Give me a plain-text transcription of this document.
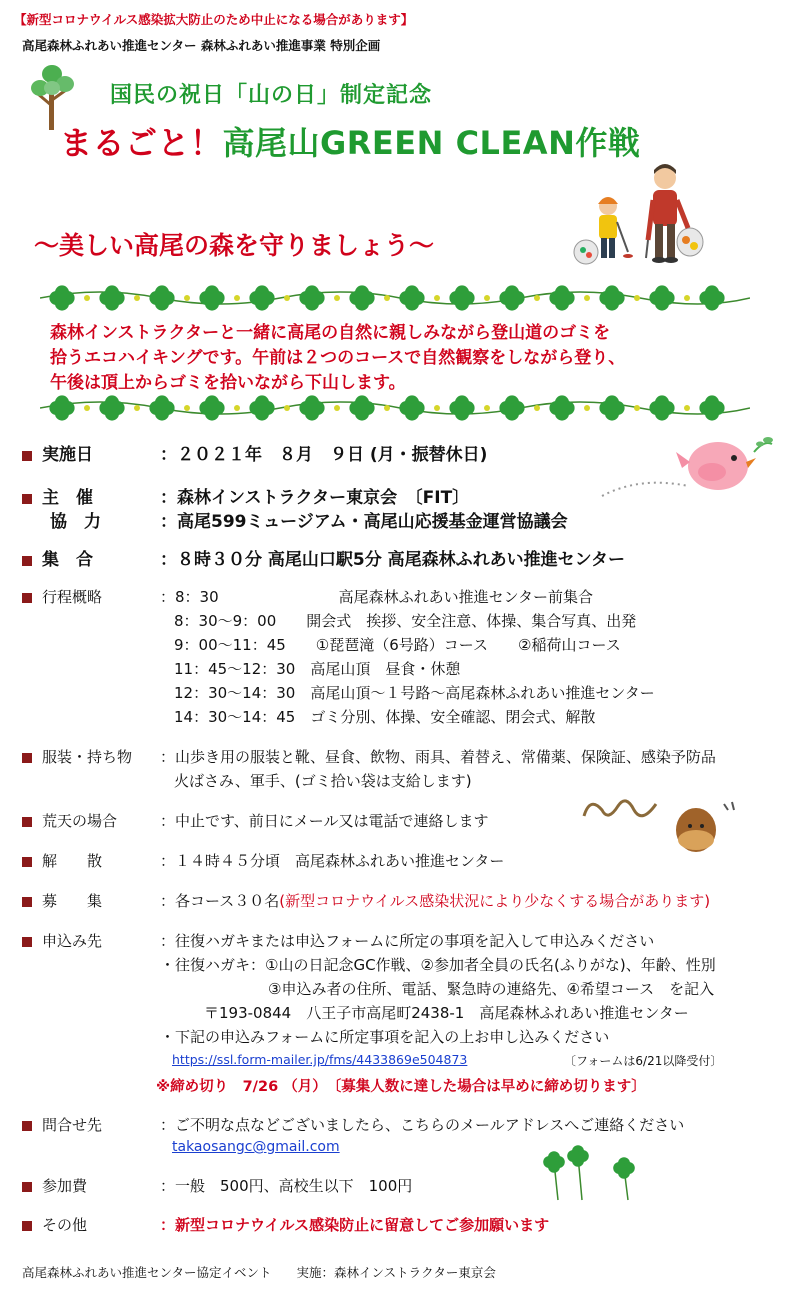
【新型コロナウイルス感染拡大防止のため中止になる場合があります】
高尾森林ふれあい推進センター 森林ふれあい推進事業 特別企画
国民の祝日「山の日」制定記念
まるごと！高尾山GREEN CLEAN作戦
～美しい高尾の森を守りましょう～
森林インストラクターと一緒に高尾の自然に親しみながら登山道のゴミを
拾うエコハイキングです。午前は２つのコースで自然観察をしながら登り、
午後は頂上からゴミを拾いながら下山します。
実施日	：２０２１年　８月　９日 (月・振替休日)
主　催	：森林インストラクター東京会　〔FIT〕
協　力	：高尾599ミュージアム・高尾山応援基金運営協議会
集　合	：８時３０分 高尾山口駅5分 高尾森林ふれあい推進センター
行程概略	：8：30　　　　　　　　高尾森林ふれあい推進センター前集合
8：30～9：00　　開会式　挨拶、安全注意、体操、集合写真、出発
9：00～11：45　　①琵琶滝（6号路）コース　　②稲荷山コース
11：45～12：30　高尾山頂　昼食・休憩
12：30～14：30　高尾山頂～１号路～高尾森林ふれあい推進センター
14：30～14：45　ゴミ分別、体操、安全確認、閉会式、解散
服装・持ち物 ：山歩き用の服装と靴、昼食、飲物、雨具、着替え、常備薬、保険証、感染予防品
火ばさみ、軍手、(ゴミ拾い袋は支給します)
荒天の場合	：中止です、前日にメール又は電話で連絡します
解　　散	：１４時４５分頃　高尾森林ふれあい推進センター
募　　集	：各コース３０名(新型コロナウイルス感染状況により少なくする場合があります)
申込み先	：往復ハガキまたは申込フォームに所定の事項を記入して申込みください
・往復ハガキ：①山の日記念GC作戦、②参加者全員の氏名(ふりがな)、年齢、性別
③申込み者の住所、電話、緊急時の連絡先、④希望コース　を記入
〒193-0844　八王子市高尾町2438-1　高尾森林ふれあい推進センター
・下記の申込みフォームに所定事項を記入の上お申し込みください
https://ssl.form-mailer.jp/fms/4433869e504873	〔フォームは6/21以降受付〕
※締め切り　7/26 （月）　〔募集人数に達した場合は早めに締め切ります〕
問合せ先	：ご不明な点などございましたら、こちらのメールアドレスへご連絡ください
takaosangc@gmail.com
参加費	：一般　500円、高校生以下　100円
その他	：新型コロナウイルス感染防止に留意してご参加願います
高尾森林ふれあい推進センター協定イベント　　実施：森林インストラクター東京会
